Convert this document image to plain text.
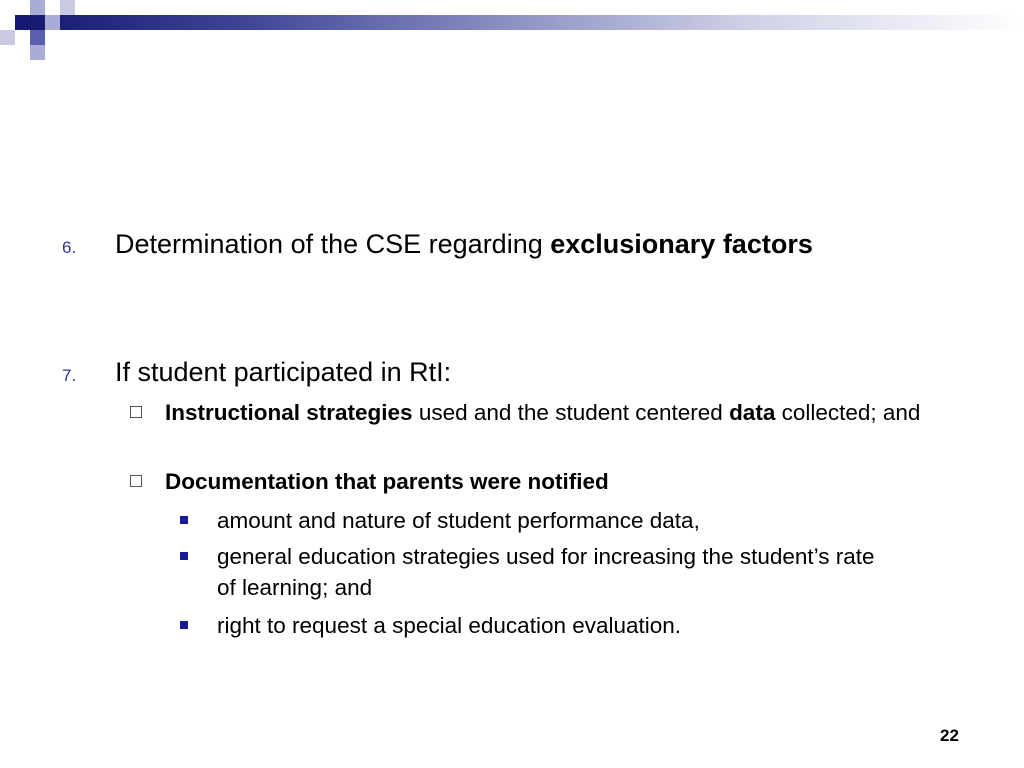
6. Determination of the CSE regarding exclusionary factors
7. If student participated in RtI:
Instructional strategies used and the student centered data collected; and
Documentation that parents were notified
amount and nature of student performance data,
general education strategies used for increasing the student’s rate of learning; and
right to request a special education evaluation.
22
